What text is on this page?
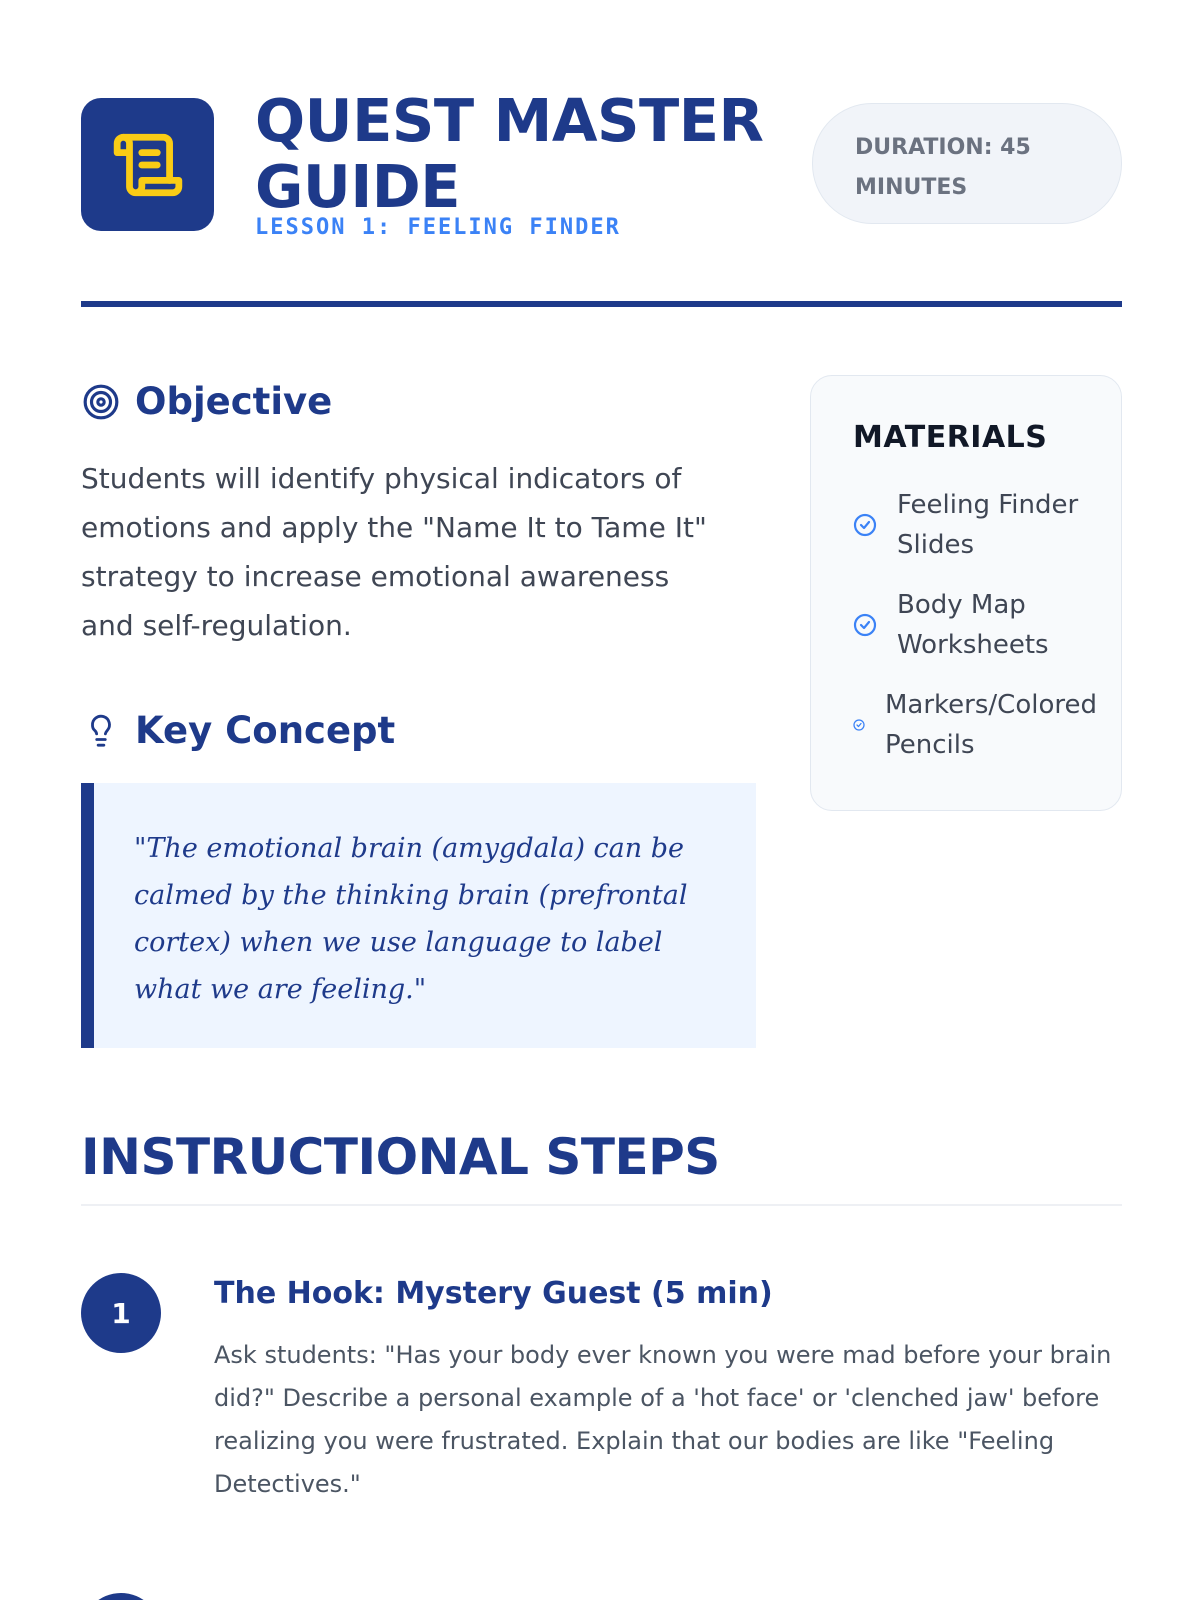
QUEST MASTER GUIDE
LESSON 1: FEELING FINDER
DURATION: 45 MINUTES
Objective
Students will identify physical indicators of emotions and apply the "Name It to Tame It" strategy to increase emotional awareness and self-regulation.
Key Concept

"The emotional brain (amygdala) can be calmed by the thinking brain (prefrontal cortex) when we use language to label what we are feeling."

MATERIALS
Feeling Finder Slides
Body Map Worksheets
Markers/Colored Pencils
INSTRUCTIONAL STEPS
1
The Hook: Mystery Guest (5 min)
Ask students: "Has your body ever known you were mad before your brain did?" Describe a personal example of a 'hot face' or 'clenched jaw' before realizing you were frustrated. Explain that our bodies are like "Feeling Detectives."
